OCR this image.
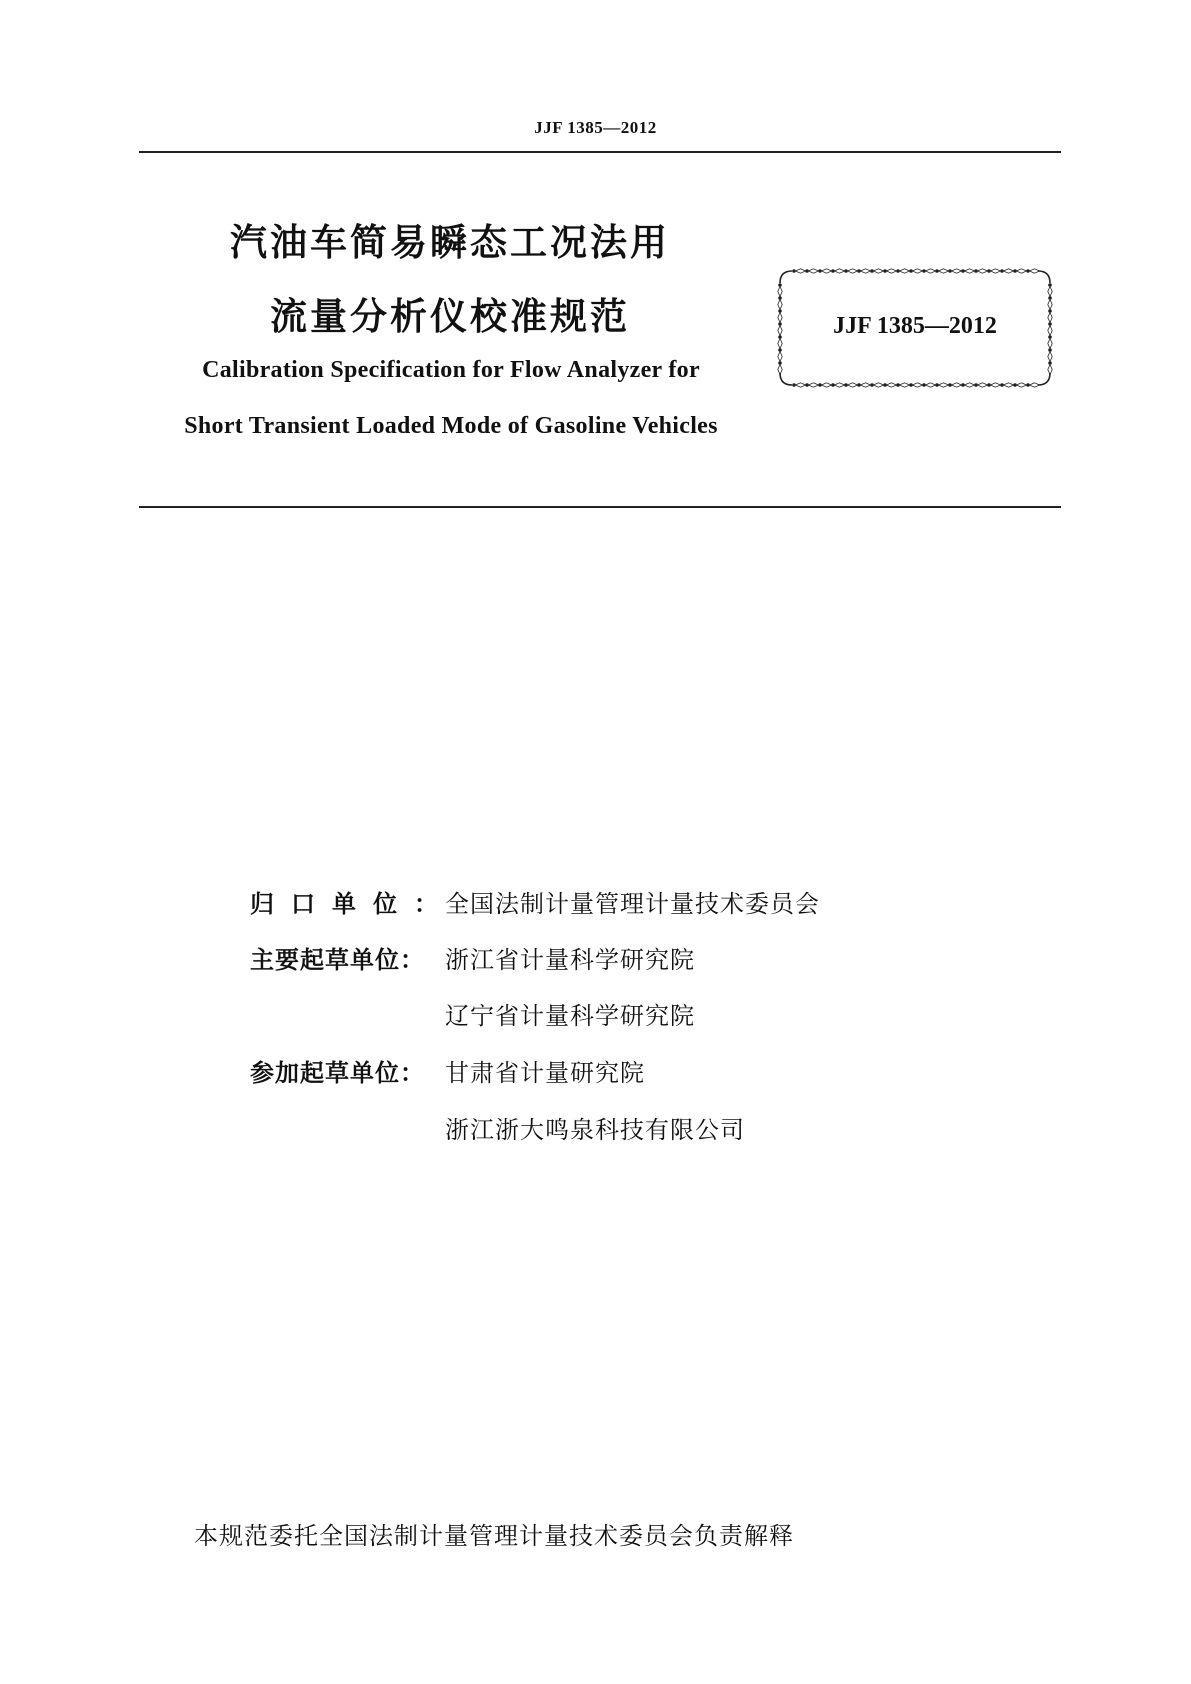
JJF 1385—2012
汽油车简易瞬态工况法用
流量分析仪校准规范
Calibration Specification for Flow Analyzer for
Short Transient Loaded Mode of Gasoline Vehicles
JJF 1385—2012
归 口 单 位 ： 全国法制计量管理计量技术委员会
主要起草单位： 浙江省计量科学研究院
辽宁省计量科学研究院
参加起草单位： 甘肃省计量研究院
浙江浙大鸣泉科技有限公司
本规范委托全国法制计量管理计量技术委员会负责解释
